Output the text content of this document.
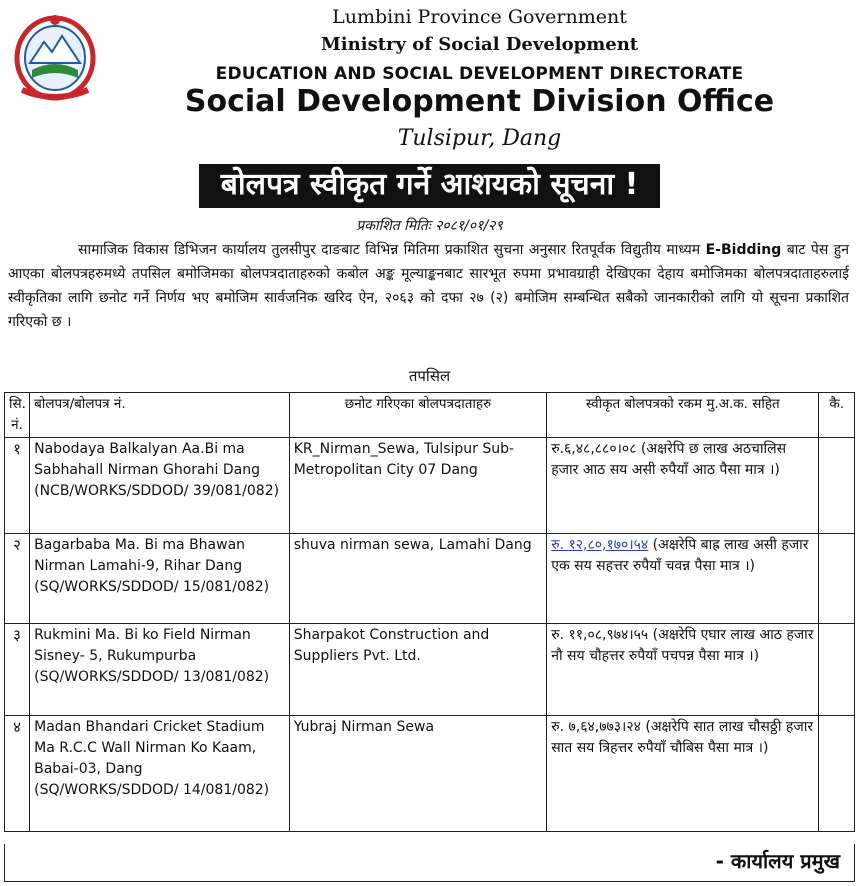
Lumbini Province Government
Ministry of Social Development
EDUCATION AND SOCIAL DEVELOPMENT DIRECTORATE
Social Development Division Office
Tulsipur, Dang
बोलपत्र स्वीकृत गर्ने आशयको सूचना !
प्रकाशित मितिः २०८१/०१/२९
सामाजिक विकास डिभिजन कार्यालय तुलसीपुर दाङबाट विभिन्न मितिमा प्रकाशित सुचना अनुसार रितपूर्वक विद्युतीय माध्यम E-Bidding बाट पेस हुन आएका बोलपत्रहरुमध्ये तपसिल बमोजिमका बोलपत्रदाताहरुको कबोल अङ्क मूल्याङ्कनबाट सारभूत रुपमा प्रभावग्राही देखिएका देहाय बमोजिमका बोलपत्रदाताहरुलाई स्वीकृतिका लागि छनोट गर्ने निर्णय भए बमोजिम सार्वजनिक खरिद ऐन, २०६३ को दफा २७ (२) बमोजिम सम्बन्धित सबैको जानकारीको लागि यो सूचना प्रकाशित गरिएको छ ।
तपसिल
सि. नं.	बोलपत्र/बोलपत्र नं.	छनोट गरिएका बोलपत्रदाताहरु	स्वीकृत बोलपत्रको रकम मु.अ.क. सहित	कै.
१	Nabodaya Balkalyan Aa.Bi ma Sabhahall Nirman Ghorahi Dang (NCB/WORKS/SDDOD/ 39/081/082)	KR_Nirman_Sewa, Tulsipur Sub- Metropolitan City 07 Dang	रु.६,४८,८८०।०८ (अक्षरेपि छ लाख अठचालिस हजार आठ सय असी रुपैयाँ आठ पैसा मात्र ।)	
२	Bagarbaba Ma. Bi ma Bhawan Nirman Lamahi-9, Rihar Dang (SQ/WORKS/SDDOD/ 15/081/082)	shuva nirman sewa, Lamahi Dang	रु. १२,८०,१७०।५४ (अक्षरेपि बाह्र लाख असी हजार एक सय सहत्तर रुपैयाँ चवन्न पैसा मात्र ।)	
३	Rukmini Ma. Bi ko Field Nirman Sisney- 5, Rukumpurba (SQ/WORKS/SDDOD/ 13/081/082)	Sharpakot Construction and Suppliers Pvt. Ltd.	रु. ११,०८,९७४।५५ (अक्षरेपि एघार लाख आठ हजार नौ सय चौहत्तर रुपैयाँ पचपन्न पैसा मात्र ।)	
४	Madan Bhandari Cricket Stadium Ma R.C.C Wall Nirman Ko Kaam, Babai-03, Dang (SQ/WORKS/SDDOD/ 14/081/082)	Yubraj Nirman Sewa	रु. ७,६४,७७३।२४ (अक्षरेपि सात लाख चौसठ्ठी हजार सात सय त्रिहत्तर रुपैयाँ चौबिस पैसा मात्र ।)	
- कार्यालय प्रमुख
